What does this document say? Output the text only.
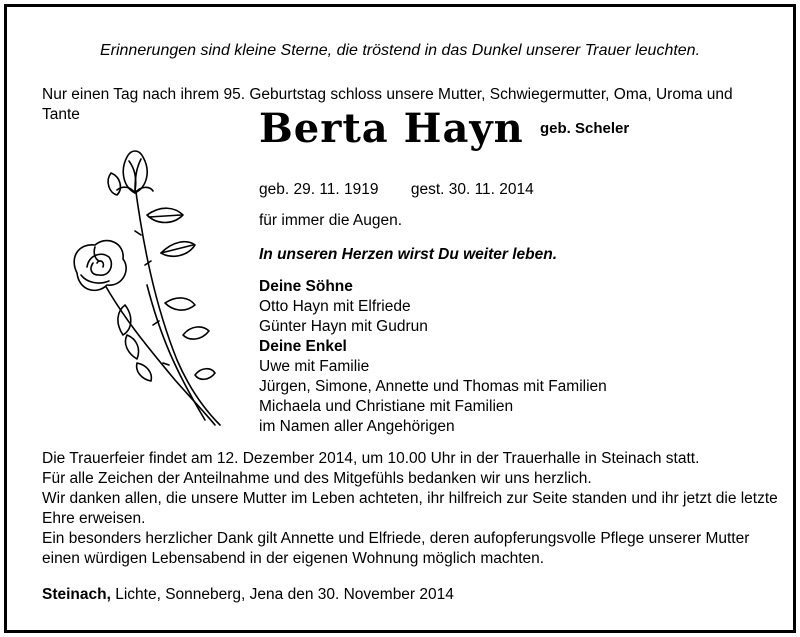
Erinnerungen sind kleine Sterne, die tröstend in das Dunkel unserer Trauer leuchten.
Nur einen Tag nach ihrem 95. Geburtstag schloss unsere Mutter, Schwiegermutter, Oma, Uroma und Tante	Berta Hayn geb. Scheler
geb. 29. 11. 1919 gest. 30. 11. 2014
für immer die Augen.
In unseren Herzen wirst Du weiter leben.
Deine Söhne
Otto Hayn mit Elfriede
Günter Hayn mit Gudrun
Deine Enkel
Uwe mit Familie
Jürgen, Simone, Annette und Thomas mit Familien
Michaela und Christiane mit Familien
im Namen aller Angehörigen

Die Trauerfeier findet am 12. Dezember 2014, um 10.00 Uhr in der Trauerhalle in Steinach statt.

Für alle Zeichen der Anteilnahme und des Mitgefühls bedanken wir uns herzlich.

Wir danken allen, die unsere Mutter im Leben achteten, ihr hilfreich zur Seite standen und ihr jetzt die letzte Ehre erweisen.

Ein besonders herzlicher Dank gilt Annette und Elfriede, deren aufopferungsvolle Pflege unserer Mutter einen würdigen Lebensabend in der eigenen Wohnung möglich machten.

Steinach, Lichte, Sonneberg, Jena den 30. November 2014
